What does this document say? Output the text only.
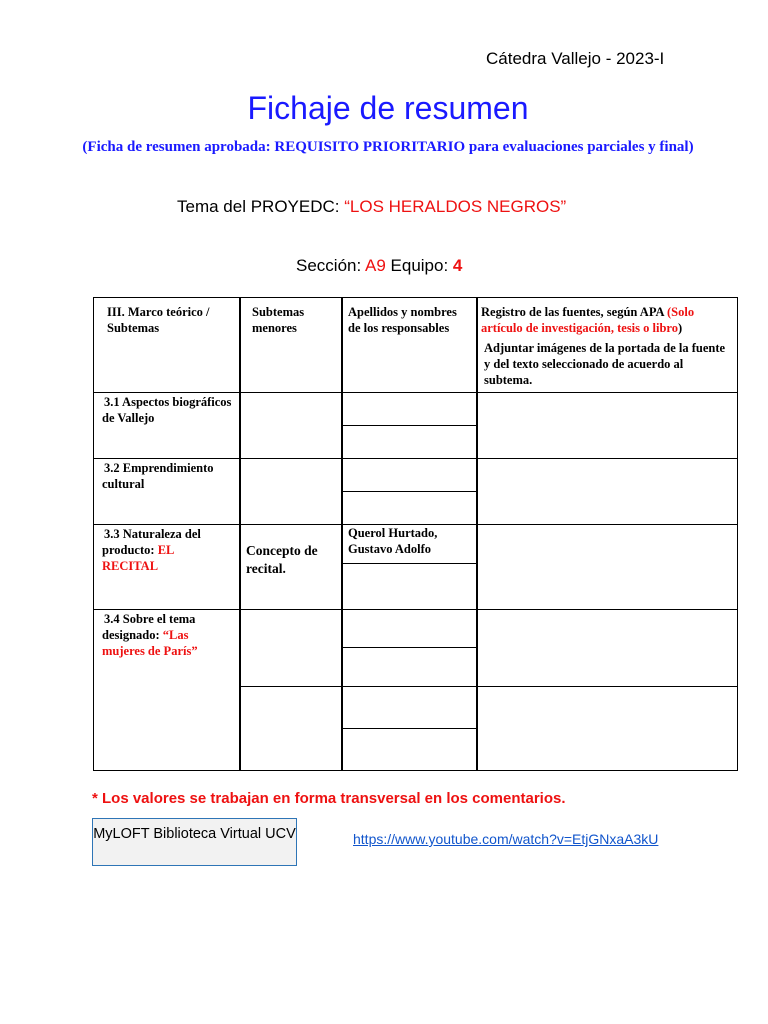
Cátedra Vallejo - 2023-I
Fichaje de resumen
(Ficha de resumen aprobada: REQUISITO PRIORITARIO para evaluaciones parciales y final)
Tema del PROYEDC: “LOS HERALDOS NEGROS”
Sección: A9 Equipo: 4
III. Marco teórico / Subtemas
Subtemas menores
Apellidos y nombres de los responsables
Registro de las fuentes, según APA (Solo artículo de investigación, tesis o libro)
Adjuntar imágenes de la portada de la fuente y del texto seleccionado de acuerdo al subtema.
3.1 Aspectos biográficos de Vallejo
3.2 Emprendimiento cultural
3.3 Naturaleza del producto: EL RECITAL
Concepto de recital.
Querol Hurtado, Gustavo Adolfo
3.4 Sobre el tema designado: “Las mujeres de París”
* Los valores se trabajan en forma transversal en los comentarios.
MyLOFT Biblioteca Virtual UCV	https://www.youtube.com/watch?v=EtjGNxaA3kU
